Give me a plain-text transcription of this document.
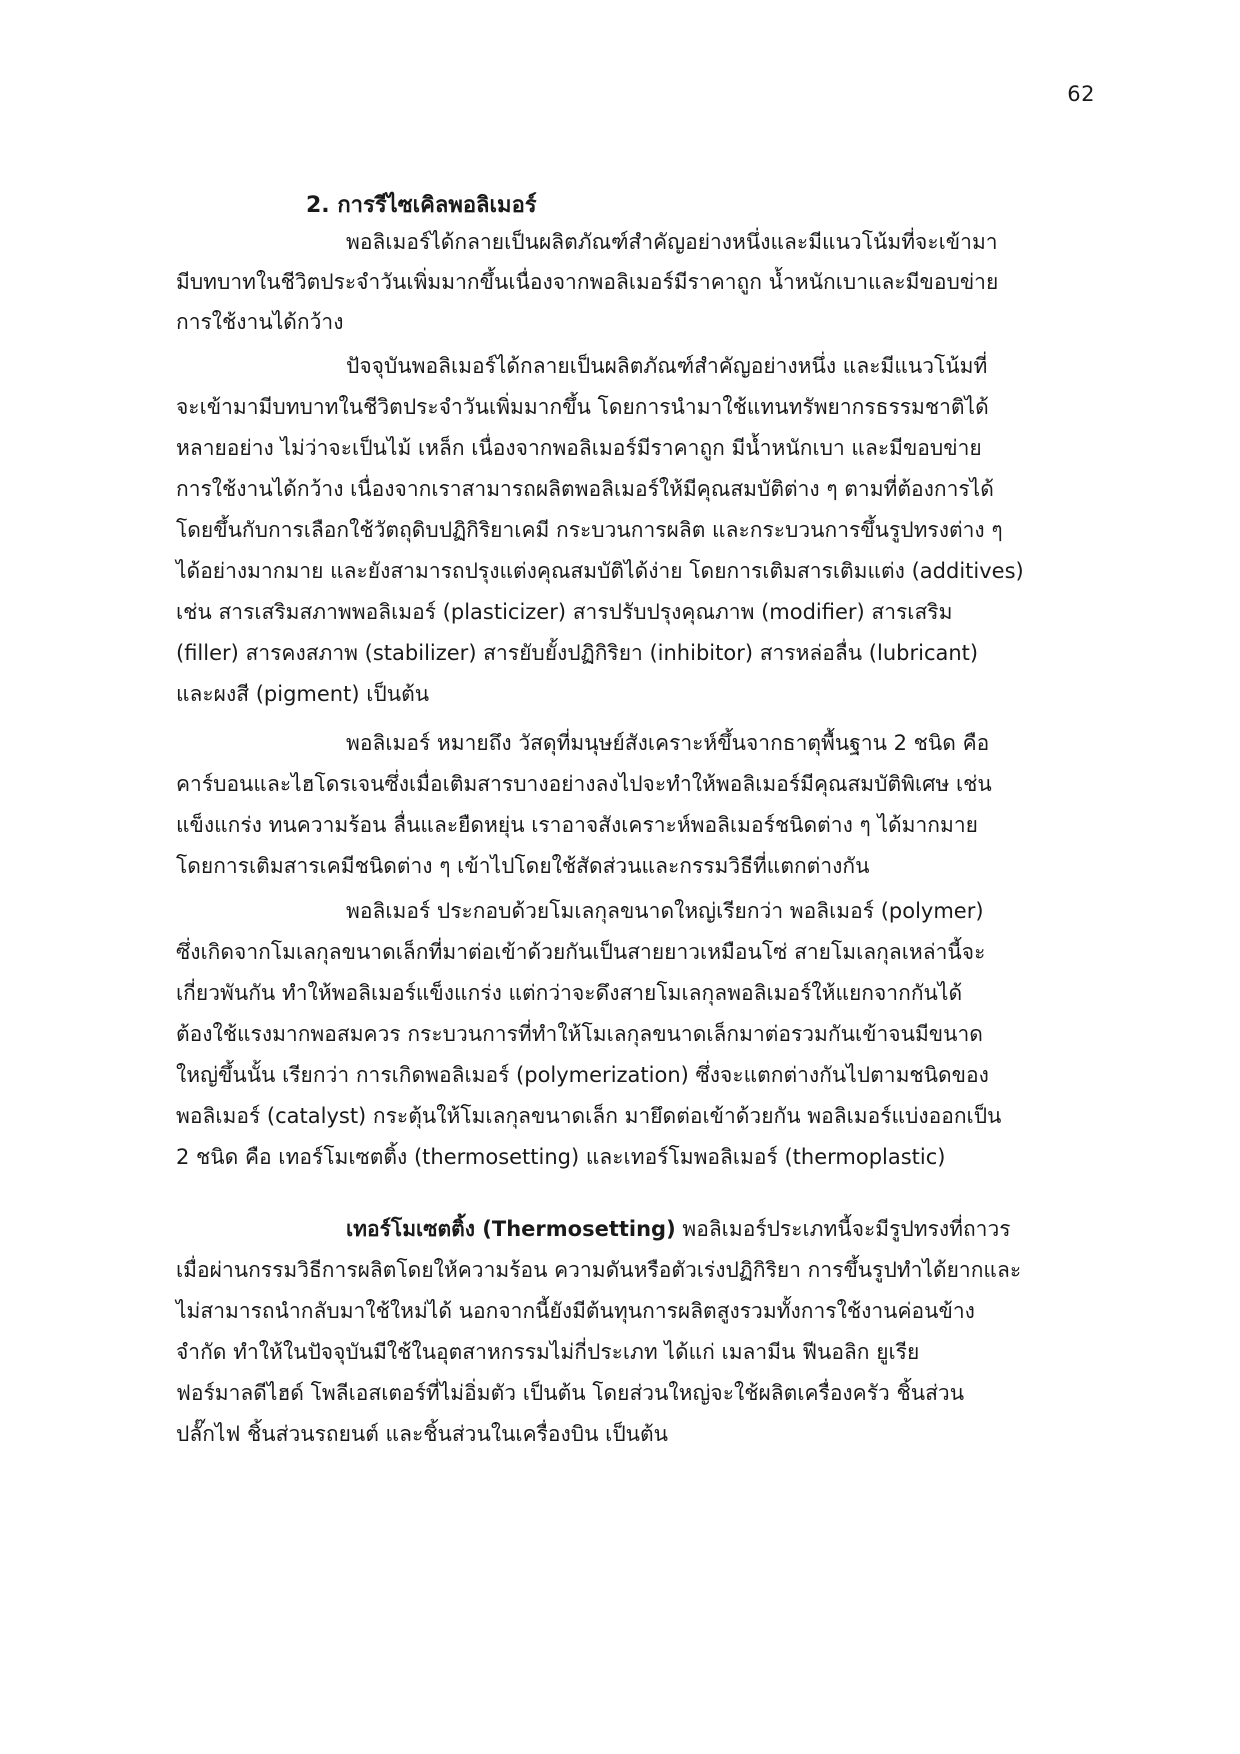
62
2. การรีไซเคิลพอลิเมอร์
พอลิเมอร์ได้กลายเป็นผลิตภัณฑ์สำคัญอย่างหนึ่งและมีแนวโน้มที่จะเข้ามา
มีบทบาทในชีวิตประจำวันเพิ่มมากขึ้นเนื่องจากพอลิเมอร์มีราคาถูก น้ำหนักเบาและมีขอบข่าย
การใช้งานได้กว้าง
ปัจจุบันพอลิเมอร์ได้กลายเป็นผลิตภัณฑ์สำคัญอย่างหนึ่ง และมีแนวโน้มที่
จะเข้ามามีบทบาทในชีวิตประจำวันเพิ่มมากขึ้น โดยการนำมาใช้แทนทรัพยากรธรรมชาติได้
หลายอย่าง ไม่ว่าจะเป็นไม้ เหล็ก เนื่องจากพอลิเมอร์มีราคาถูก มีน้ำหนักเบา และมีขอบข่าย
การใช้งานได้กว้าง เนื่องจากเราสามารถผลิตพอลิเมอร์ให้มีคุณสมบัติต่าง ๆ ตามที่ต้องการได้
โดยขึ้นกับการเลือกใช้วัตถุดิบปฏิกิริยาเคมี กระบวนการผลิต และกระบวนการขึ้นรูปทรงต่าง ๆ
ได้อย่างมากมาย และยังสามารถปรุงแต่งคุณสมบัติได้ง่าย โดยการเติมสารเติมแต่ง (additives)
เช่น สารเสริมสภาพพอลิเมอร์ (plasticizer) สารปรับปรุงคุณภาพ (modifier) สารเสริม
(filler) สารคงสภาพ (stabilizer) สารยับยั้งปฏิกิริยา (inhibitor) สารหล่อลื่น (lubricant)
และผงสี (pigment) เป็นต้น
พอลิเมอร์ หมายถึง วัสดุที่มนุษย์สังเคราะห์ขึ้นจากธาตุพื้นฐาน 2 ชนิด คือ
คาร์บอนและไฮโดรเจนซึ่งเมื่อเติมสารบางอย่างลงไปจะทำให้พอลิเมอร์มีคุณสมบัติพิเศษ เช่น
แข็งแกร่ง ทนความร้อน ลื่นและยืดหยุ่น เราอาจสังเคราะห์พอลิเมอร์ชนิดต่าง ๆ ได้มากมาย
โดยการเติมสารเคมีชนิดต่าง ๆ เข้าไปโดยใช้สัดส่วนและกรรมวิธีที่แตกต่างกัน
พอลิเมอร์ ประกอบด้วยโมเลกุลขนาดใหญ่เรียกว่า พอลิเมอร์ (polymer)
ซึ่งเกิดจากโมเลกุลขนาดเล็กที่มาต่อเข้าด้วยกันเป็นสายยาวเหมือนโซ่ สายโมเลกุลเหล่านี้จะ
เกี่ยวพันกัน ทำให้พอลิเมอร์แข็งแกร่ง แต่กว่าจะดึงสายโมเลกุลพอลิเมอร์ให้แยกจากกันได้
ต้องใช้แรงมากพอสมควร กระบวนการที่ทำให้โมเลกุลขนาดเล็กมาต่อรวมกันเข้าจนมีขนาด
ใหญ่ขึ้นนั้น เรียกว่า การเกิดพอลิเมอร์ (polymerization) ซึ่งจะแตกต่างกันไปตามชนิดของ
พอลิเมอร์ (catalyst) กระตุ้นให้โมเลกุลขนาดเล็ก มายึดต่อเข้าด้วยกัน พอลิเมอร์แบ่งออกเป็น
2 ชนิด คือ เทอร์โมเซตติ้ง (thermosetting) และเทอร์โมพอลิเมอร์ (thermoplastic)
เทอร์โมเซตติ้ง (Thermosetting) พอลิเมอร์ประเภทนี้จะมีรูปทรงที่ถาวร
เมื่อผ่านกรรมวิธีการผลิตโดยให้ความร้อน ความดันหรือตัวเร่งปฏิกิริยา การขึ้นรูปทำได้ยากและ
ไม่สามารถนำกลับมาใช้ใหม่ได้ นอกจากนี้ยังมีต้นทุนการผลิตสูงรวมทั้งการใช้งานค่อนข้าง
จำกัด ทำให้ในปัจจุบันมีใช้ในอุตสาหกรรมไม่กี่ประเภท ได้แก่ เมลามีน ฟีนอลิก ยูเรีย
ฟอร์มาลดีไฮด์ โพลีเอสเตอร์ที่ไม่อิ่มตัว เป็นต้น โดยส่วนใหญ่จะใช้ผลิตเครื่องครัว ชิ้นส่วน
ปลั๊กไฟ ชิ้นส่วนรถยนต์ และชิ้นส่วนในเครื่องบิน เป็นต้น
